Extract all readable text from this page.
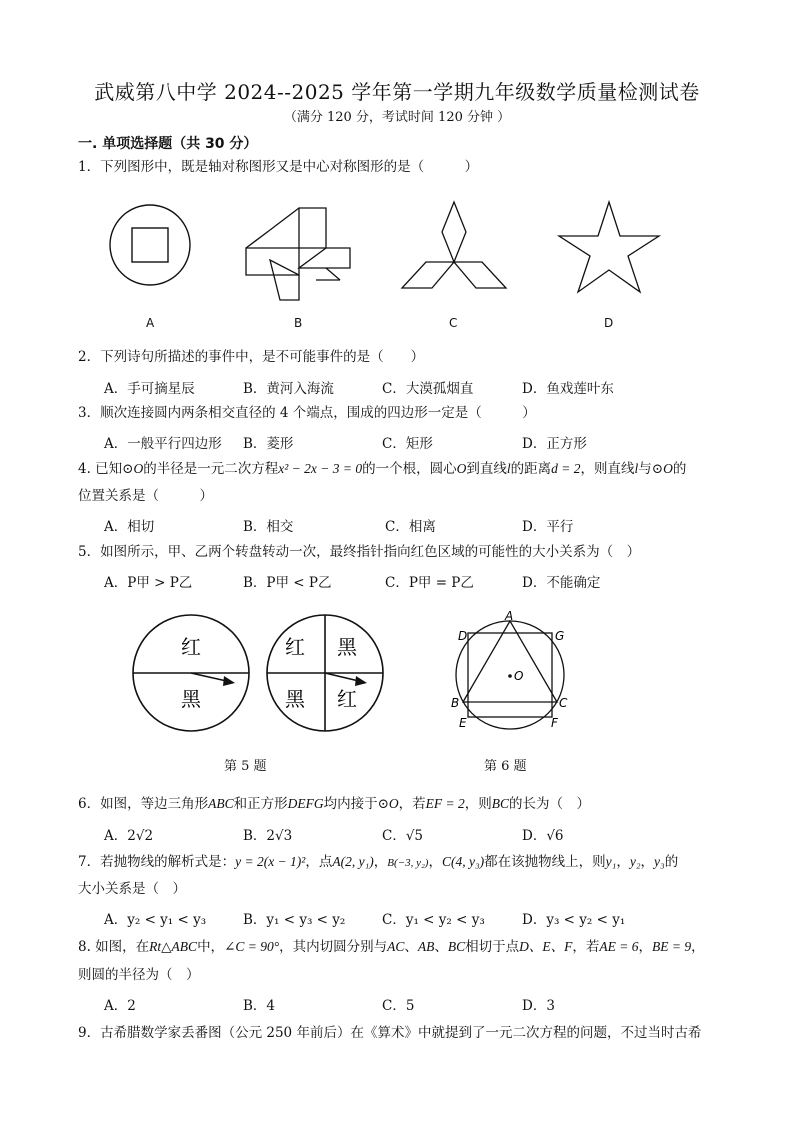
武威第八中学 2024--2025 学年第一学期九年级数学质量检测试卷
（满分 120 分，考试时间 120 分钟 ）
一. 单项选择题（共 30 分）
1．下列图形中，既是轴对称图形又是中心对称图形的是（　　　）
A	B	C	D
2．下列诗句所描述的事件中，是不可能事件的是（　　）
A．手可摘星辰	B．黄河入海流	C．大漠孤烟直	D．鱼戏莲叶东
3．顺次连接圆内两条相交直径的 4 个端点，围成的四边形一定是（　　　）
A．一般平行四边形 B．菱形	C．矩形	D．正方形
4. 已知⊙O的半径是一元二次方程x² − 2x − 3 = 0的一个根，圆心O到直线l的距离d = 2，则直线l与⊙O的
位置关系是（　　　）
A．相切	B．相交	C．相离	D．平行
5．如图所示，甲、乙两个转盘转动一次，最终指针指向红色区域的可能性的大小关系为（　）
A．P甲 > P乙	B．P甲 < P乙	C．P甲 = P乙	D．不能确定
红
黑
红 黑
黑 红
A
D	G
B	C
E	F
O
第 5 题	第 6 题
6．如图，等边三角形ABC和正方形DEFG均内接于⊙O，若EF = 2，则BC的长为（　）
A．2√2	B．2√3	C．√5	D．√6
7．若抛物线的解析式是：y = 2(x − 1)²，点A(2, y₁)，B(−3, y₂)，C(4, y₃)都在该抛物线上，则y₁，y₂，y₃的
大小关系是（　）
A．y₂ < y₁ < y₃	B．y₁ < y₃ < y₂	C．y₁ < y₂ < y₃	D．y₃ < y₂ < y₁
8. 如图，在Rt△ABC中，∠C = 90°，其内切圆分别与AC、AB、BC相切于点D、E、F，若AE = 6，BE = 9，
则圆的半径为（　）
A．2	B．4	C．5	D．3
9．古希腊数学家丢番图（公元 250 年前后）在《算术》中就提到了一元二次方程的问题，不过当时古希
